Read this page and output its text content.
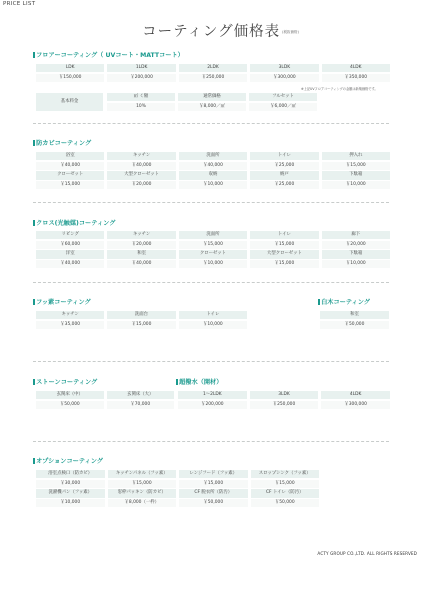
PRICE LIST
コーティング価格表 (税抜価格)
フロアーコーティング（ UVコート・MATTコート）
LDK	1LDK	2LDK	3LDK	4LDK
￥150,000	￥200,000	￥250,000	￥300,000	￥350,000
※上記UVフロアコーティングの金額は新築価格です。
基本料金
㎡ く額	通常価格	フルセット
10%	￥8,000／㎡	￥6,000／㎡
防カビコーティング
浴室	キッチン	洗面所	トイレ	押入れ
￥40,000	￥40,000	￥40,000	￥25,000	￥15,000
クローゼット	大型クローゼット	収納	納戸	下駄箱
￥15,000	￥20,000	￥10,000	￥25,000	￥10,000
クロス(光触媒)コーティング
リビング	キッチン	洗面所	トイレ	廊下
￥60,000	￥20,000	￥15,000	￥15,000	￥20,000
洋室	和室	クローゼット	大型クローゼット	下駄箱
￥40,000	￥40,000	￥10,000	￥15,000	￥10,000
フッ素コーティング
キッチン	洗面台	トイレ
￥35,000	￥15,000	￥10,000
白木コーティング
和室
￥50,000
ストーンコーティング
玄関床（中）	玄関床（大）
￥50,000	￥70,000
超撥水（開材）
1～2LDK	3LDK	4LDK
￥200,000	￥250,000	￥300,000
オプションコーティング
浴室点検口（防カビ）	キッチンパネル（フッ素）	レンジフード（フッ素）	スロップシンク（フッ素）
￥30,000	￥15,000	￥15,000	￥15,000
洗濯機パン（フッ素）	窓枠パッキン（防カビ）	CF 脱衣所（防汚）	CF トイレ（防汚）
￥10,000	￥8,000（一枠）	￥50,000	￥50,000
ACTY GROUP CO.,LTD. ALL RIGHTS RESERVED
